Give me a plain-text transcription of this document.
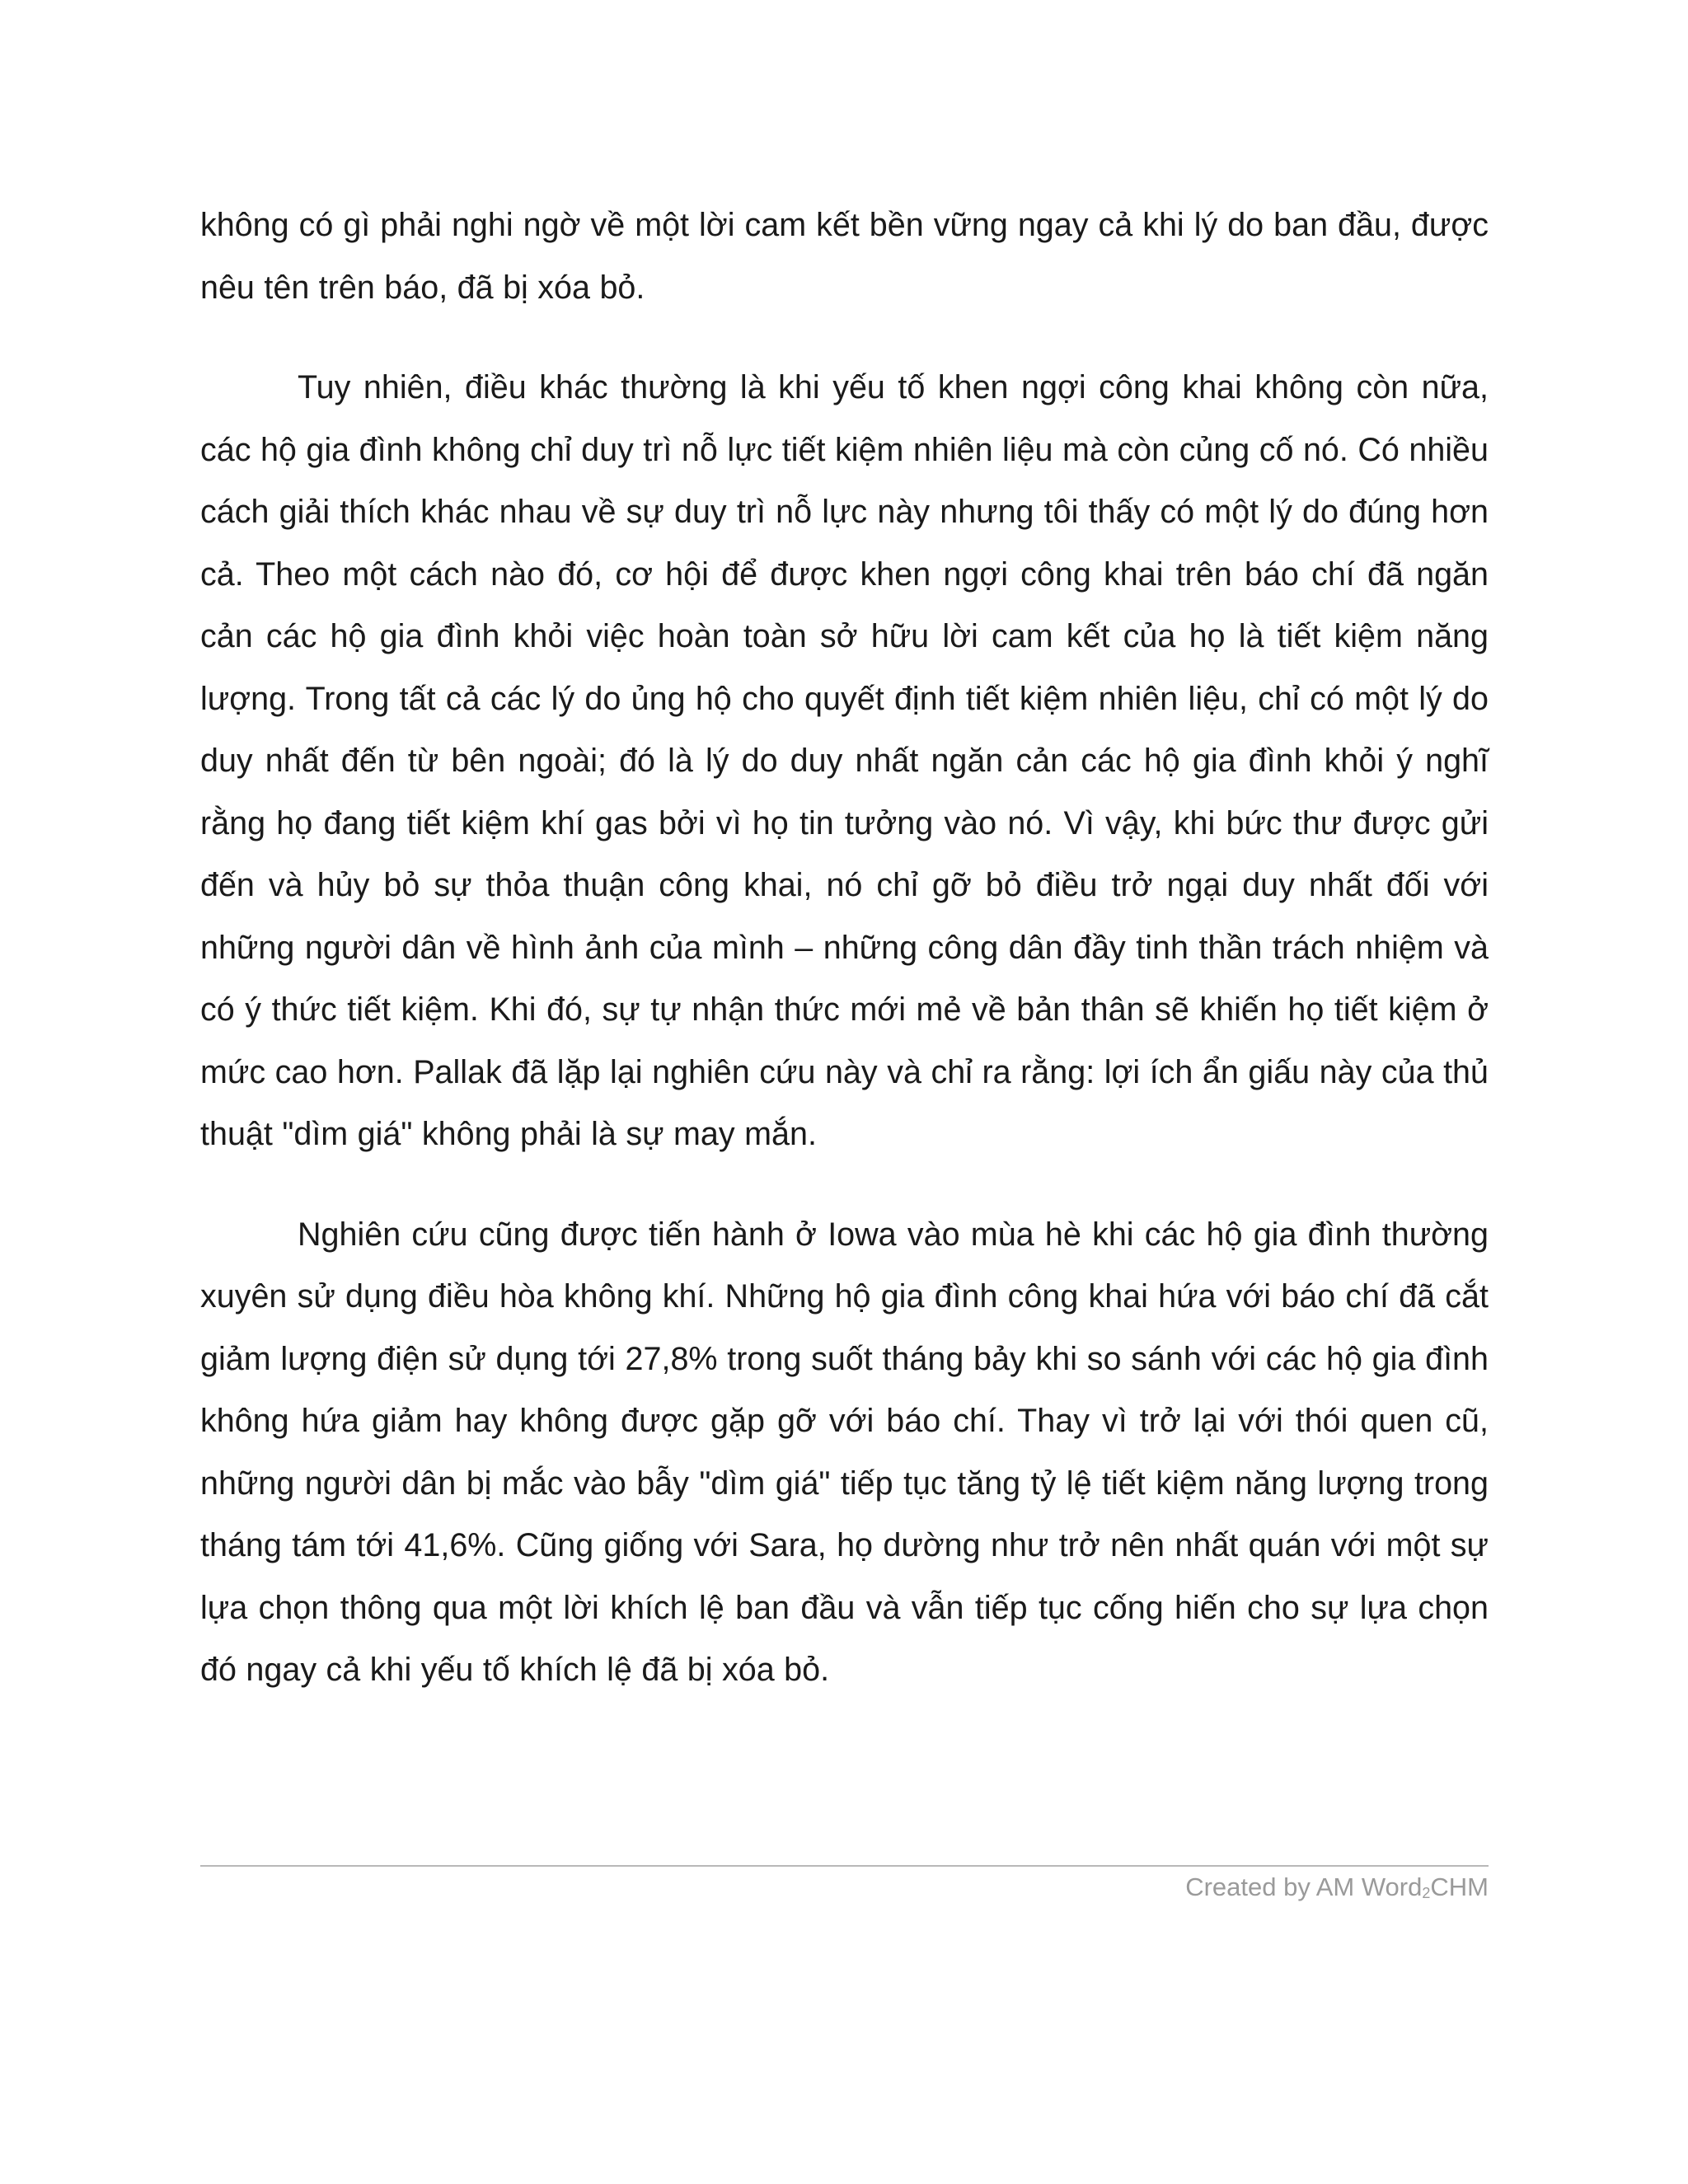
không có gì phải nghi ngờ về một lời cam kết bền vững ngay cả khi lý do ban đầu, được nêu tên trên báo, đã bị xóa bỏ.

Tuy nhiên, điều khác thường là khi yếu tố khen ngợi công khai không còn nữa, các hộ gia đình không chỉ duy trì nỗ lực tiết kiệm nhiên liệu mà còn củng cố nó. Có nhiều cách giải thích khác nhau về sự duy trì nỗ lực này nhưng tôi thấy có một lý do đúng hơn cả. Theo một cách nào đó, cơ hội để được khen ngợi công khai trên báo chí đã ngăn cản các hộ gia đình khỏi việc hoàn toàn sở hữu lời cam kết của họ là tiết kiệm năng lượng. Trong tất cả các lý do ủng hộ cho quyết định tiết kiệm nhiên liệu, chỉ có một lý do duy nhất đến từ bên ngoài; đó là lý do duy nhất ngăn cản các hộ gia đình khỏi ý nghĩ rằng họ đang tiết kiệm khí gas bởi vì họ tin tưởng vào nó. Vì vậy, khi bức thư được gửi đến và hủy bỏ sự thỏa thuận công khai, nó chỉ gỡ bỏ điều trở ngại duy nhất đối với những người dân về hình ảnh của mình – những công dân đầy tinh thần trách nhiệm và có ý thức tiết kiệm. Khi đó, sự tự nhận thức mới mẻ về bản thân sẽ khiến họ tiết kiệm ở mức cao hơn. Pallak đã lặp lại nghiên cứu này và chỉ ra rằng: lợi ích ẩn giấu này của thủ thuật "dìm giá" không phải là sự may mắn.

Nghiên cứu cũng được tiến hành ở Iowa vào mùa hè khi các hộ gia đình thường xuyên sử dụng điều hòa không khí. Những hộ gia đình công khai hứa với báo chí đã cắt giảm lượng điện sử dụng tới 27,8% trong suốt tháng bảy khi so sánh với các hộ gia đình không hứa giảm hay không được gặp gỡ với báo chí. Thay vì trở lại với thói quen cũ, những người dân bị mắc vào bẫy "dìm giá" tiếp tục tăng tỷ lệ tiết kiệm năng lượng trong tháng tám tới 41,6%. Cũng giống với Sara, họ dường như trở nên nhất quán với một sự lựa chọn thông qua một lời khích lệ ban đầu và vẫn tiếp tục cống hiến cho sự lựa chọn đó ngay cả khi yếu tố khích lệ đã bị xóa bỏ.

Created by AM Word$_2$CHM
